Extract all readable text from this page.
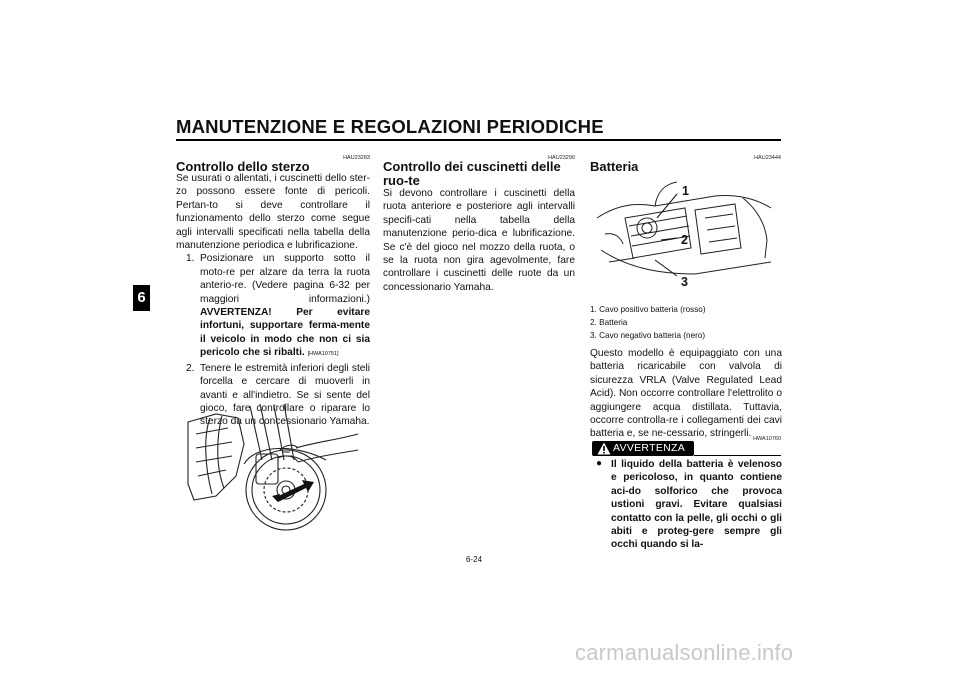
MANUTENZIONE E REGOLAZIONI PERIODICHE
6
HAU23283
Controllo dello sterzo
Se usurati o allentati, i cuscinetti dello ster-zo possono essere fonte di pericoli. Pertan-to si deve controllare il funzionamento dello sterzo come segue agli intervalli specificati nella tabella della manutenzione periodica e lubrificazione.
1. Posizionare un supporto sotto il moto-re per alzare da terra la ruota anterio-re. (Vedere pagina 6-32 per maggiori informazioni.) AVVERTENZA! Per evitare infortuni, supportare ferma-mente il veicolo in modo che non ci sia pericolo che si ribalti. [HWA10751]
2. Tenere le estremità inferiori degli steli forcella e cercare di muoverli in avanti e all'indietro. Se si sente del gioco, fare controllare o riparare lo sterzo da un concessionario Yamaha.
HAU23290
Controllo dei cuscinetti delle ruo-te
Si devono controllare i cuscinetti della ruota anteriore e posteriore agli intervalli specifi-cati nella tabella della manutenzione perio-dica e lubrificazione. Se c'è del gioco nel mozzo della ruota, o se la ruota non gira agevolmente, fare controllare i cuscinetti delle ruote da un concessionario Yamaha.
HAU23444
Batteria
1
2
3
1. Cavo positivo batteria (rosso)
2. Batteria
3. Cavo negativo batteria (nero)
Questo modello è equipaggiato con una batteria ricaricabile con valvola di sicurezza VRLA (Valve Regulated Lead Acid). Non occorre controllare l'elettrolito o aggiungere acqua distillata. Tuttavia, occorre controlla-re i collegamenti dei cavi batteria e, se ne-cessario, stringerli. HWA10760
AVVERTENZA
● Il liquido della batteria è velenoso e pericoloso, in quanto contiene aci-do solforico che provoca ustioni gravi. Evitare qualsiasi contatto con la pelle, gli occhi o gli abiti e proteg-gere sempre gli occhi quando si la-
6-24
carmanualsonline.info
